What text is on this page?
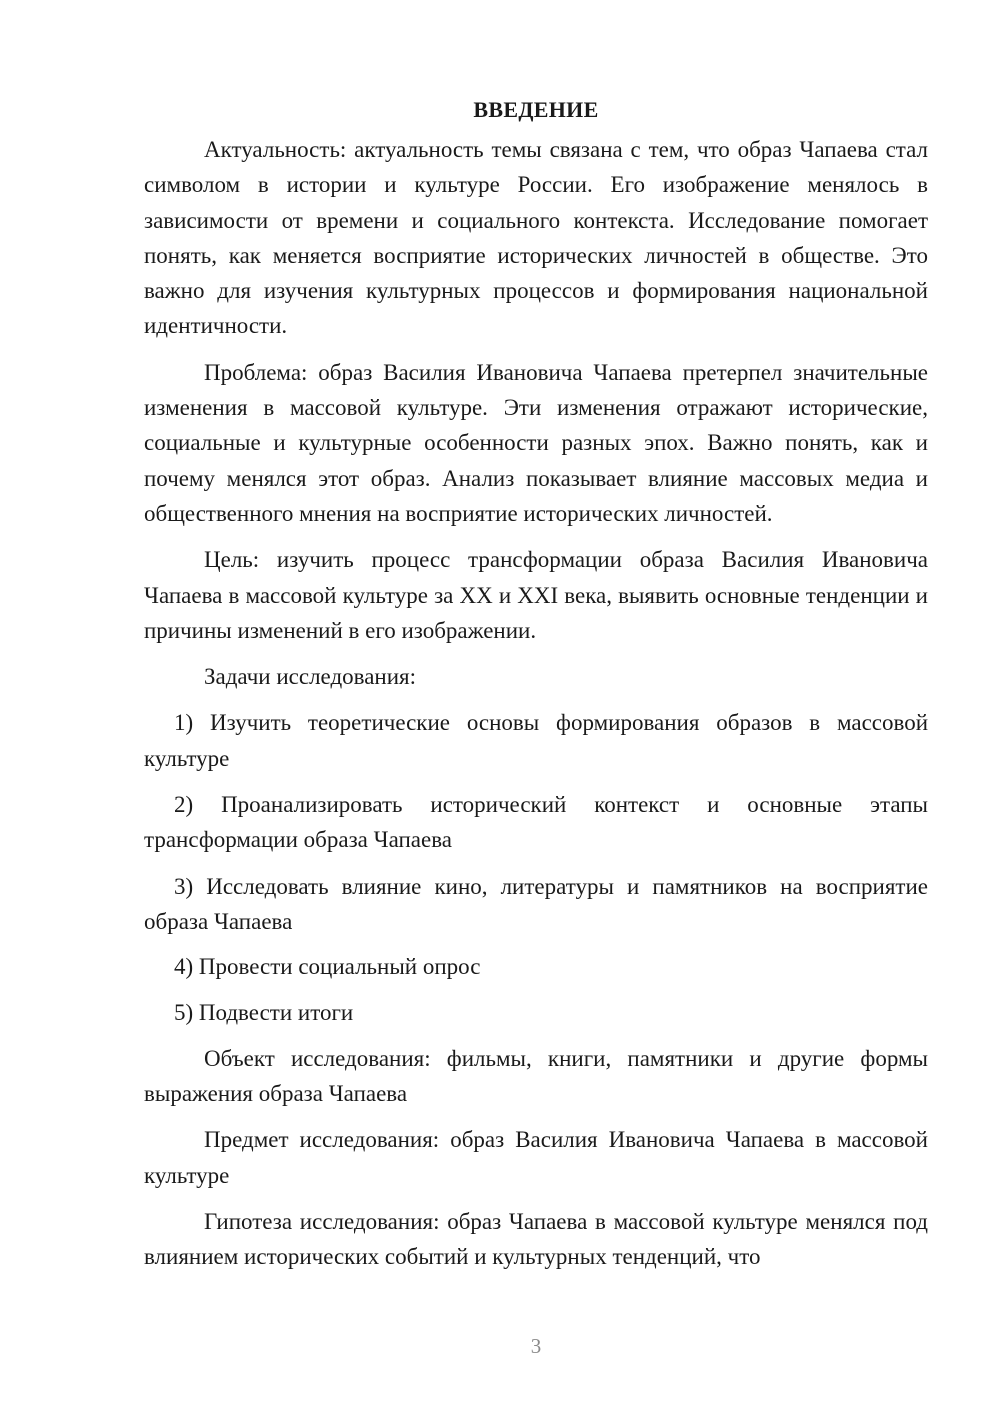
ВВЕДЕНИЕ

Актуальность: актуальность темы связана с тем, что образ Чапаева стал символом в истории и культуре России. Его изображение менялось в зависимости от времени и социального контекста. Исследование помогает понять, как меняется восприятие исторических личностей в обществе. Это важно для изучения культурных процессов и формирования национальной идентичности.

Проблема: образ Василия Ивановича Чапаева претерпел значительные изменения в массовой культуре. Эти изменения отражают исторические, социальные и культурные особенности разных эпох. Важно понять, как и почему менялся этот образ. Анализ показывает влияние массовых медиа и общественного мнения на восприятие исторических личностей.

Цель: изучить процесс трансформации образа Василия Ивановича Чапаева в массовой культуре за XX и XXI века, выявить основные тенденции и причины изменений в его изображении.

Задачи исследования:

1) Изучить теоретические основы формирования образов в массовой культуре

2) Проанализировать исторический контекст и основные этапы трансформации образа Чапаева

3) Исследовать влияние кино, литературы и памятников на восприятие образа Чапаева

4) Провести социальный опрос

5) Подвести итоги

Объект исследования: фильмы, книги, памятники и другие формы выражения образа Чапаева

Предмет исследования: образ Василия Ивановича Чапаева в массовой культуре

Гипотеза исследования: образ Чапаева в массовой культуре менялся под влиянием исторических событий и культурных тенденций, что

3
